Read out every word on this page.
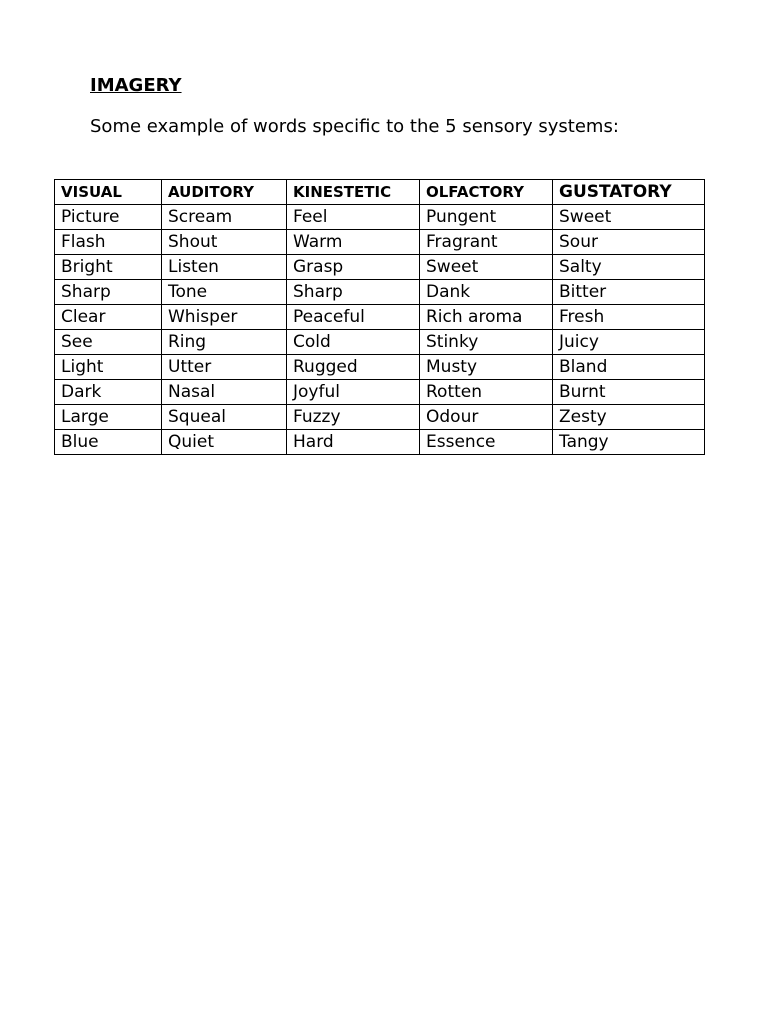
IMAGERY

Some example of words specific to the 5 sensory systems:

VISUAL	AUDITORY	KINESTETIC	OLFACTORY	GUSTATORY
Picture	Scream	Feel	Pungent	Sweet
Flash	Shout	Warm	Fragrant	Sour
Bright	Listen	Grasp	Sweet	Salty
Sharp	Tone	Sharp	Dank	Bitter
Clear	Whisper	Peaceful	Rich aroma	Fresh
See	Ring	Cold	Stinky	Juicy
Light	Utter	Rugged	Musty	Bland
Dark	Nasal	Joyful	Rotten	Burnt
Large	Squeal	Fuzzy	Odour	Zesty
Blue	Quiet	Hard	Essence	Tangy
